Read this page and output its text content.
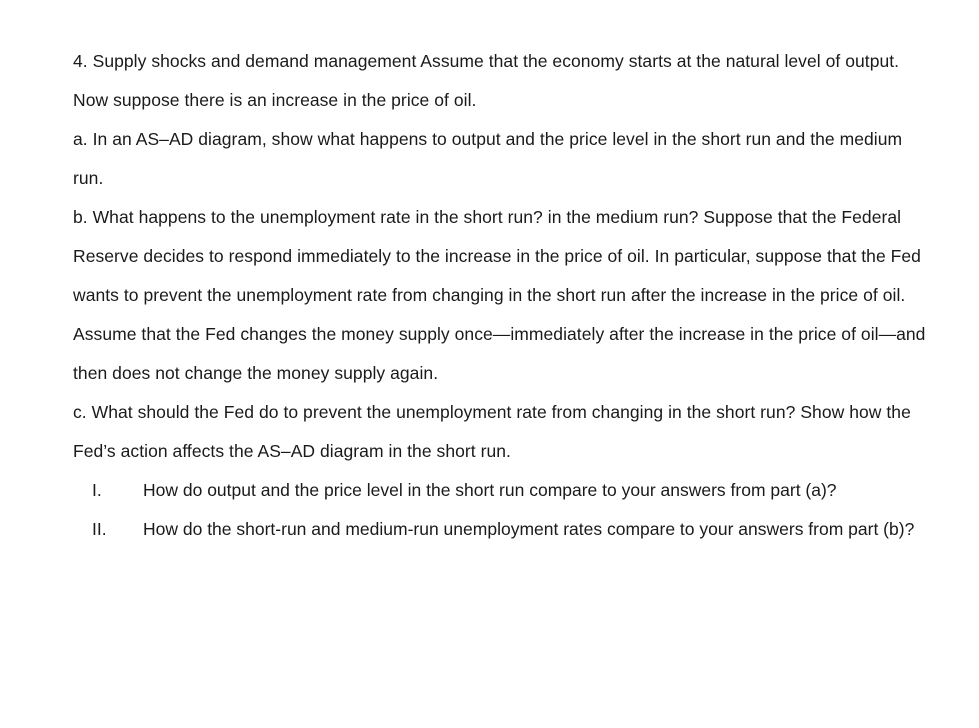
4. Supply shocks and demand management Assume that the economy starts at the natural level of output.

Now suppose there is an increase in the price of oil.

a. In an AS–AD diagram, show what happens to output and the price level in the short run and the medium run.

b. What happens to the unemployment rate in the short run? in the medium run? Suppose that the Federal Reserve decides to respond immediately to the increase in the price of oil. In particular, suppose that the Fed wants to prevent the unemployment rate from changing in the short run after the increase in the price of oil. Assume that the Fed changes the money supply once—immediately after the increase in the price of oil—and then does not change the money supply again.

c. What should the Fed do to prevent the unemployment rate from changing in the short run? Show how the Fed’s action affects the AS–AD diagram in the short run.

I.	How do output and the price level in the short run compare to your answers from part (a)?
II.	How do the short-run and medium-run unemployment rates compare to your answers from part (b)?
